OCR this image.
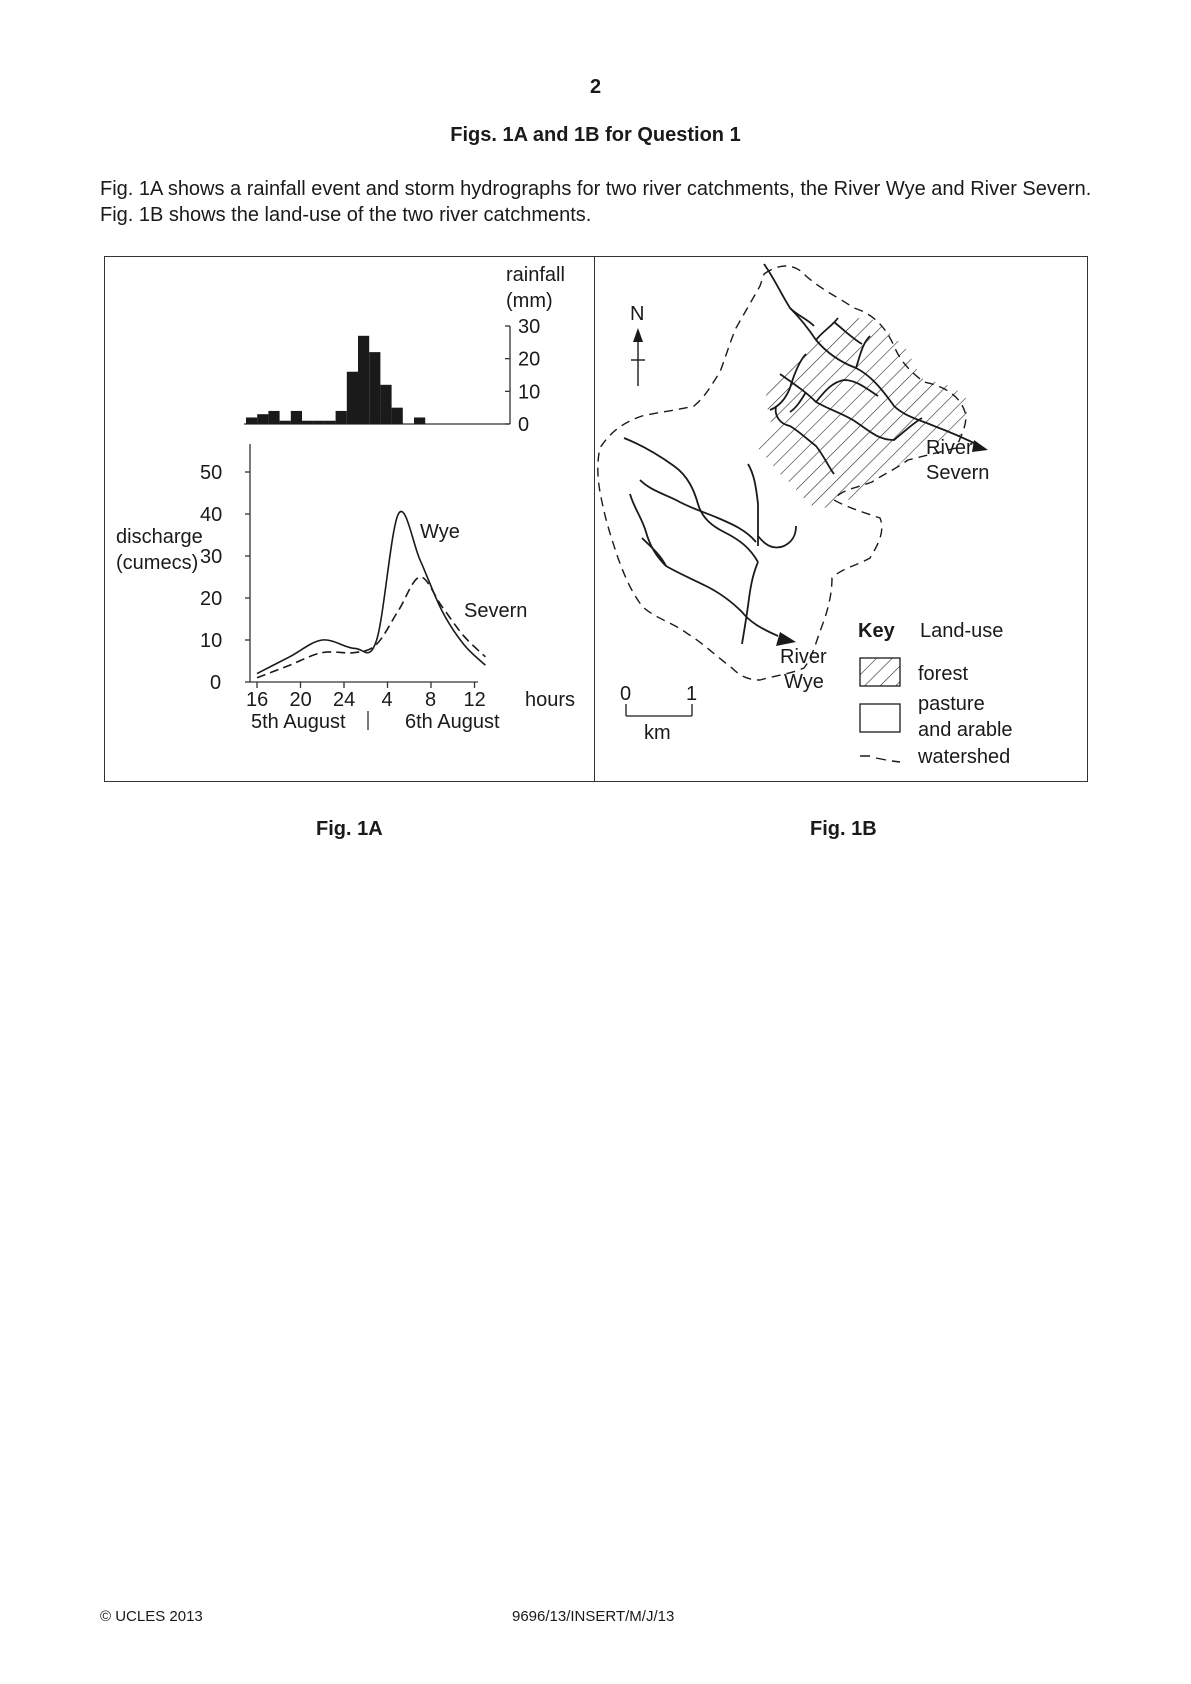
2
Figs. 1A and 1B for Question 1
Fig. 1A shows a rainfall event and storm hydrographs for two river catchments, the River Wye and River Severn. Fig. 1B shows the land-use of the two river catchments.
rainfall
(mm)
30
20
10
0
discharge
(cumecs)
50
40
30
20
10
0
16 20 24 4 8 12 hours
5th August	6th August
Wye
Severn
N
River
Severn
River
Wye
0	1
km
Key Land-use
forest
pasture
and arable
watershed
Fig. 1A	Fig. 1B
© UCLES 2013	9696/13/INSERT/M/J/13
